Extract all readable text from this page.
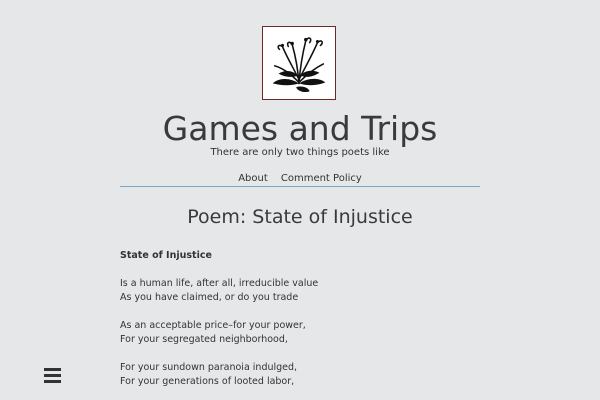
Games and Trips
There are only two things poets like
About Comment Policy
Poem: State of Injustice
State of Injustice
Is a human life, after all, irreducible value
As you have claimed, or do you trade
As an acceptable price–for your power,
For your segregated neighborhood,
For your sundown paranoia indulged,
For your generations of looted labor,
